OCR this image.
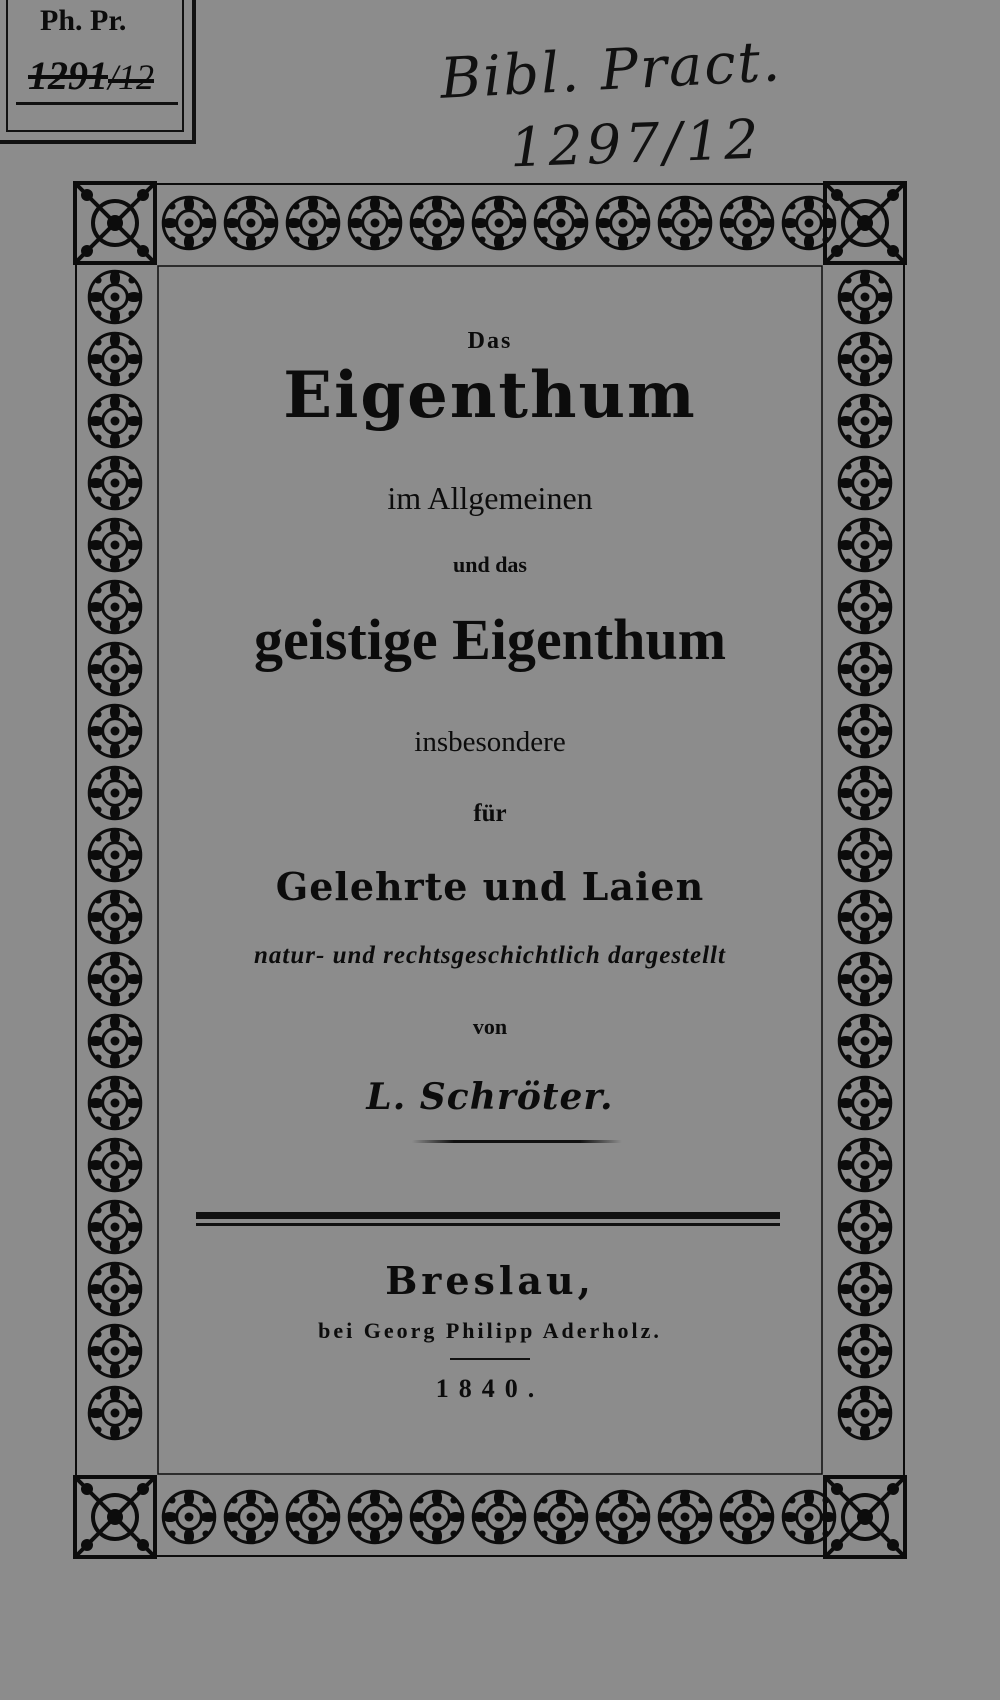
Ph. Pr.
1291/12	Bibl. Pract.
1297/12
Das
Eigenthum
im Allgemeinen
und das
geistige Eigenthum
insbesondere
für
Gelehrte und Laien
natur- und rechtsgeschichtlich dargestellt
von
L. Schröter.
Breslau,
bei Georg Philipp Aderholz.
1840.
